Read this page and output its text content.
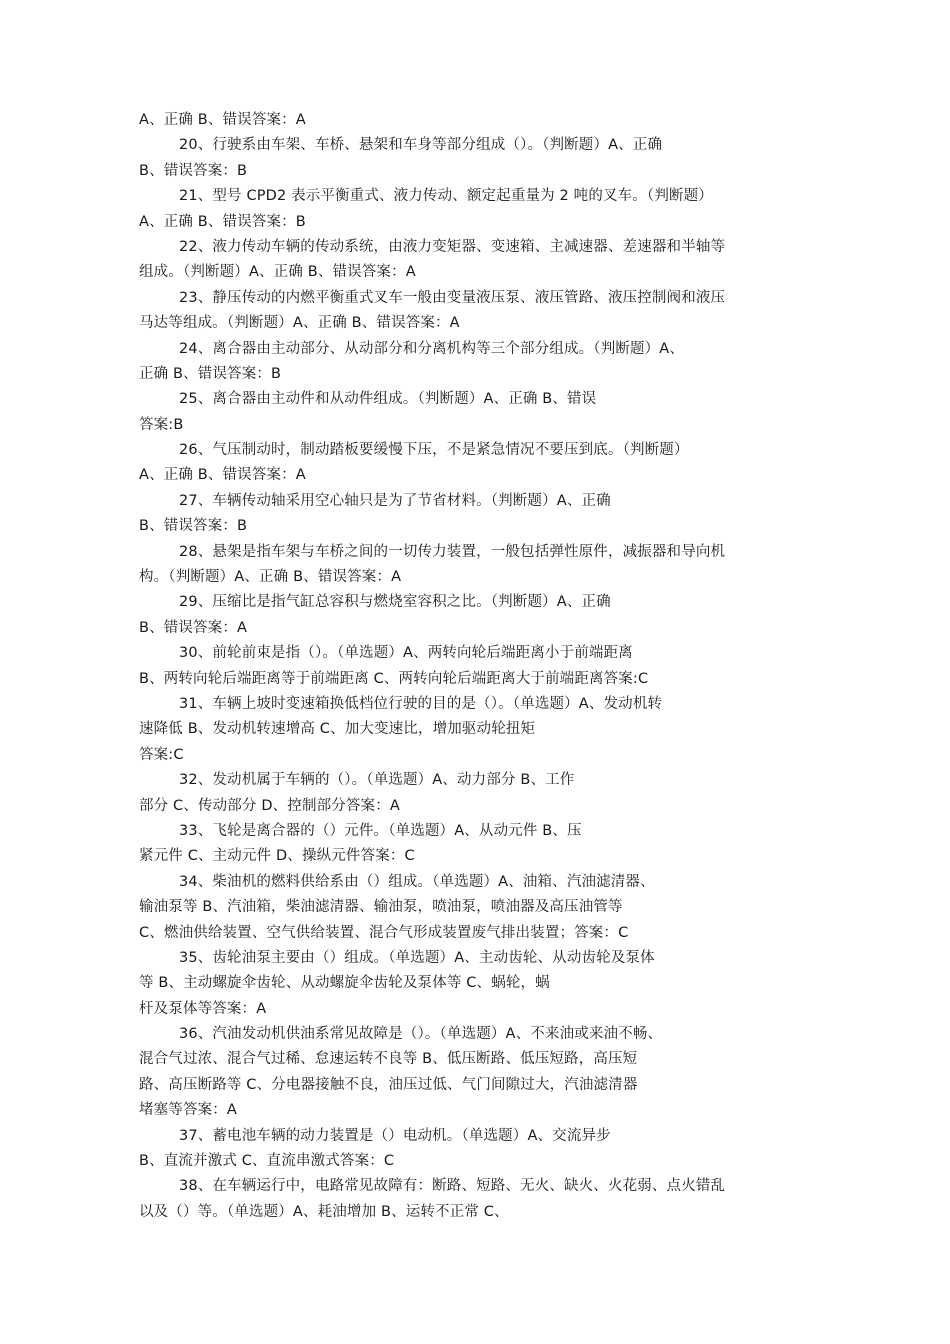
A、正确 B、错误答案：A
20、行驶系由车架、车桥、悬架和车身等部分组成（）。（判断题）A、正确
B、错误答案：B
21、型号 CPD2 表示平衡重式、液力传动、额定起重量为 2 吨的叉车。（判断题）
A、正确 B、错误答案：B
22、液力传动车辆的传动系统，由液力变矩器、变速箱、主减速器、差速器和半轴等
组成。（判断题）A、正确 B、错误答案：A
23、静压传动的内燃平衡重式叉车一般由变量液压泵、液压管路、液压控制阀和液压
马达等组成。（判断题）A、正确 B、错误答案：A
24、离合器由主动部分、从动部分和分离机构等三个部分组成。（判断题）A、
正确 B、错误答案：B
25、离合器由主动件和从动件组成。（判断题）A、正确 B、错误
答案:B
26、气压制动时，制动踏板要缓慢下压，不是紧急情况不要压到底。（判断题）
A、正确 B、错误答案：A
27、车辆传动轴采用空心轴只是为了节省材料。（判断题）A、正确
B、错误答案：B
28、悬架是指车架与车桥之间的一切传力装置，一般包括弹性原件，减振器和导向机
构。（判断题）A、正确 B、错误答案：A
29、压缩比是指气缸总容积与燃烧室容积之比。（判断题）A、正确
B、错误答案：A
30、前轮前束是指（）。（单选题）A、两转向轮后端距离小于前端距离
B、两转向轮后端距离等于前端距离 C、两转向轮后端距离大于前端距离答案:C
31、车辆上坡时变速箱换低档位行驶的目的是（）。（单选题）A、发动机转
速降低 B、发动机转速增高 C、加大变速比，增加驱动轮扭矩
答案:C
32、发动机属于车辆的（）。（单选题）A、动力部分 B、工作
部分 C、传动部分 D、控制部分答案：A
33、飞轮是离合器的（）元件。（单选题）A、从动元件 B、压
紧元件 C、主动元件 D、操纵元件答案：C
34、柴油机的燃料供给系由（）组成。（单选题）A、油箱、汽油滤清器、
输油泵等 B、汽油箱，柴油滤清器、输油泵，喷油泵，喷油器及高压油管等
C、燃油供给装置、空气供给装置、混合气形成装置废气排出装置；答案：C
35、齿轮油泵主要由（）组成。（单选题）A、主动齿轮、从动齿轮及泵体
等 B、主动螺旋伞齿轮、从动螺旋伞齿轮及泵体等 C、蜗轮，蜗
杆及泵体等答案：A
36、汽油发动机供油系常见故障是（）。（单选题）A、不来油或来油不畅、
混合气过浓、混合气过稀、怠速运转不良等 B、低压断路、低压短路，高压短
路、高压断路等 C、分电器接触不良，油压过低、气门间隙过大，汽油滤清器
堵塞等答案：A
37、蓄电池车辆的动力装置是（）电动机。（单选题）A、交流异步
B、直流并激式 C、直流串激式答案：C
38、在车辆运行中，电路常见故障有：断路、短路、无火、缺火、火花弱、点火错乱
以及（）等。（单选题）A、耗油增加 B、运转不正常 C、
